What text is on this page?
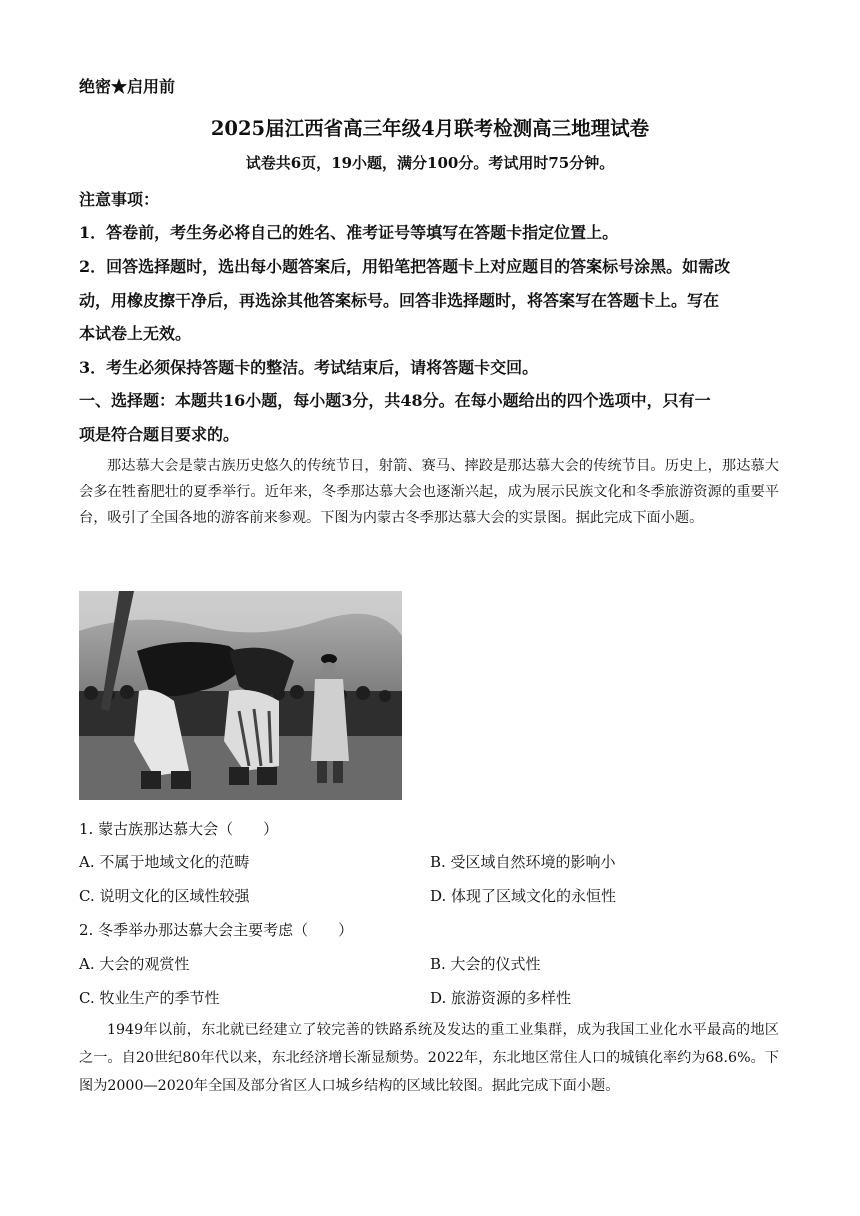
绝密★启用前
2025届江西省高三年级4月联考检测高三地理试卷
试卷共6页，19小题，满分100分。考试用时75分钟。
注意事项：
1．答卷前，考生务必将自己的姓名、准考证号等填写在答题卡指定位置上。
2．回答选择题时，选出每小题答案后，用铅笔把答题卡上对应题目的答案标号涂黑。如需改
动，用橡皮擦干净后，再选涂其他答案标号。回答非选择题时，将答案写在答题卡上。写在
本试卷上无效。
3．考生必须保持答题卡的整洁。考试结束后，请将答题卡交回。
一、选择题：本题共16小题，每小题3分，共48分。在每小题给出的四个选项中，只有一
项是符合题目要求的。
那达慕大会是蒙古族历史悠久的传统节日，射箭、赛马、摔跤是那达慕大会的传统节目。历史上，那达慕大会多在牲畜肥壮的夏季举行。近年来，冬季那达慕大会也逐渐兴起，成为展示民族文化和冬季旅游资源的重要平台，吸引了全国各地的游客前来参观。下图为内蒙古冬季那达慕大会的实景图。据此完成下面小题。
1. 蒙古族那达慕大会（　　）
A. 不属于地域文化的范畴	B. 受区域自然环境的影响小
C. 说明文化的区域性较强	D. 体现了区域文化的永恒性
2. 冬季举办那达慕大会主要考虑（　　）
A. 大会的观赏性	B. 大会的仪式性
C. 牧业生产的季节性	D. 旅游资源的多样性
1949年以前，东北就已经建立了较完善的铁路系统及发达的重工业集群，成为我国工业化水平最高的地区之一。自20世纪80年代以来，东北经济增长渐显颓势。2022年，东北地区常住人口的城镇化率约为68.6%。下图为2000—2020年全国及部分省区人口城乡结构的区域比较图。据此完成下面小题。
